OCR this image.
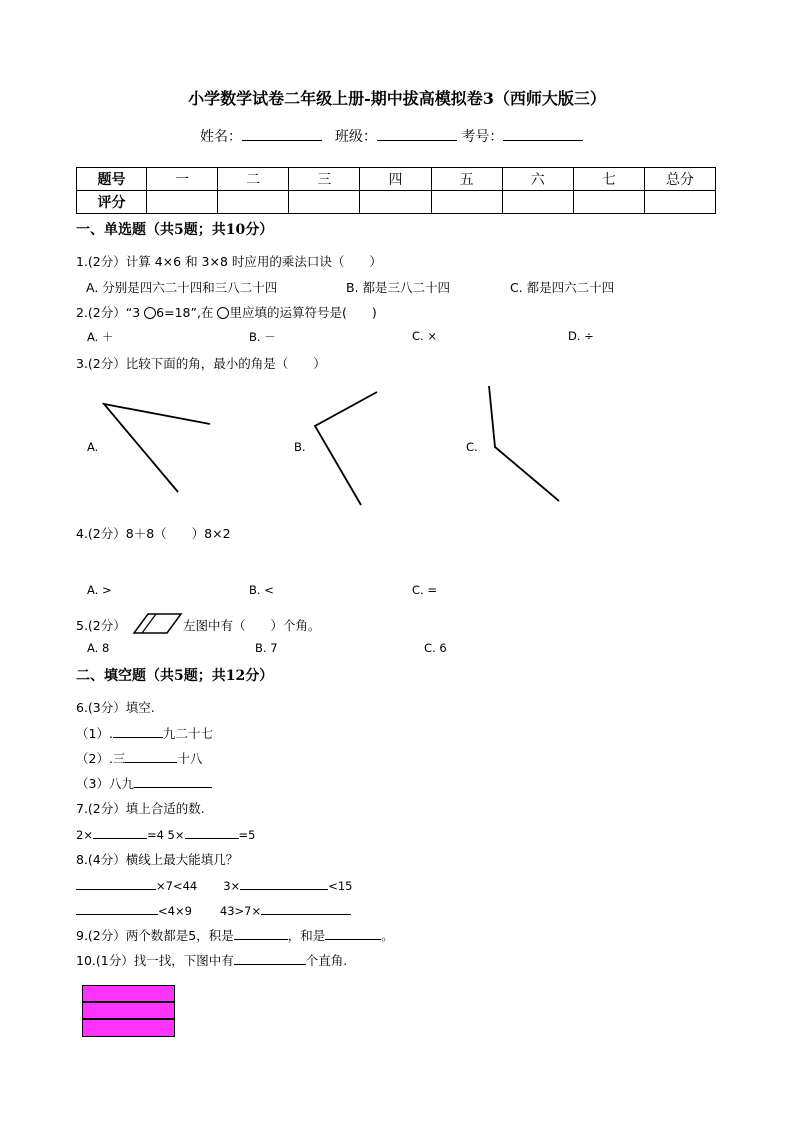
小学数学试卷二年级上册-期中拔高模拟卷3（西师大版三）
姓名：	班级：	考号：
题号	一	二	三	四	五	六	七	总分
评分								
一、单选题（共5题；共10分）
1.(2分）计算 4×6 和 3×8 时应用的乘法口诀（　　）
A. 分别是四六二十四和三八二十四	B. 都是三八二十四	C. 都是四六二十四
2.(2分）“3 6=18”,在 里应填的运算符号是(　　)
A. ＋	B. －	C. ×	D. ÷
3.(2分）比较下面的角，最小的角是（　　）
A.	B.	C.
4.(2分）8＋8（　　）8×2
A. >	B. <	C. =
5.(2分）	左图中有（　　）个角。
A. 8	B. 7	C. 6
二、填空题（共5题；共12分）
6.(3分）填空.
（1）.	九二十七
（2）.三	十八
（3）八九
7.(2分）填上合适的数.
2×	=4 5×	=5
8.(4分）横线上最大能填几？
×7<44 3×	<15
<4×9 43>7×
9.(2分）两个数都是5，积是	，和是	。
10.(1分）找一找，下图中有	个直角.
